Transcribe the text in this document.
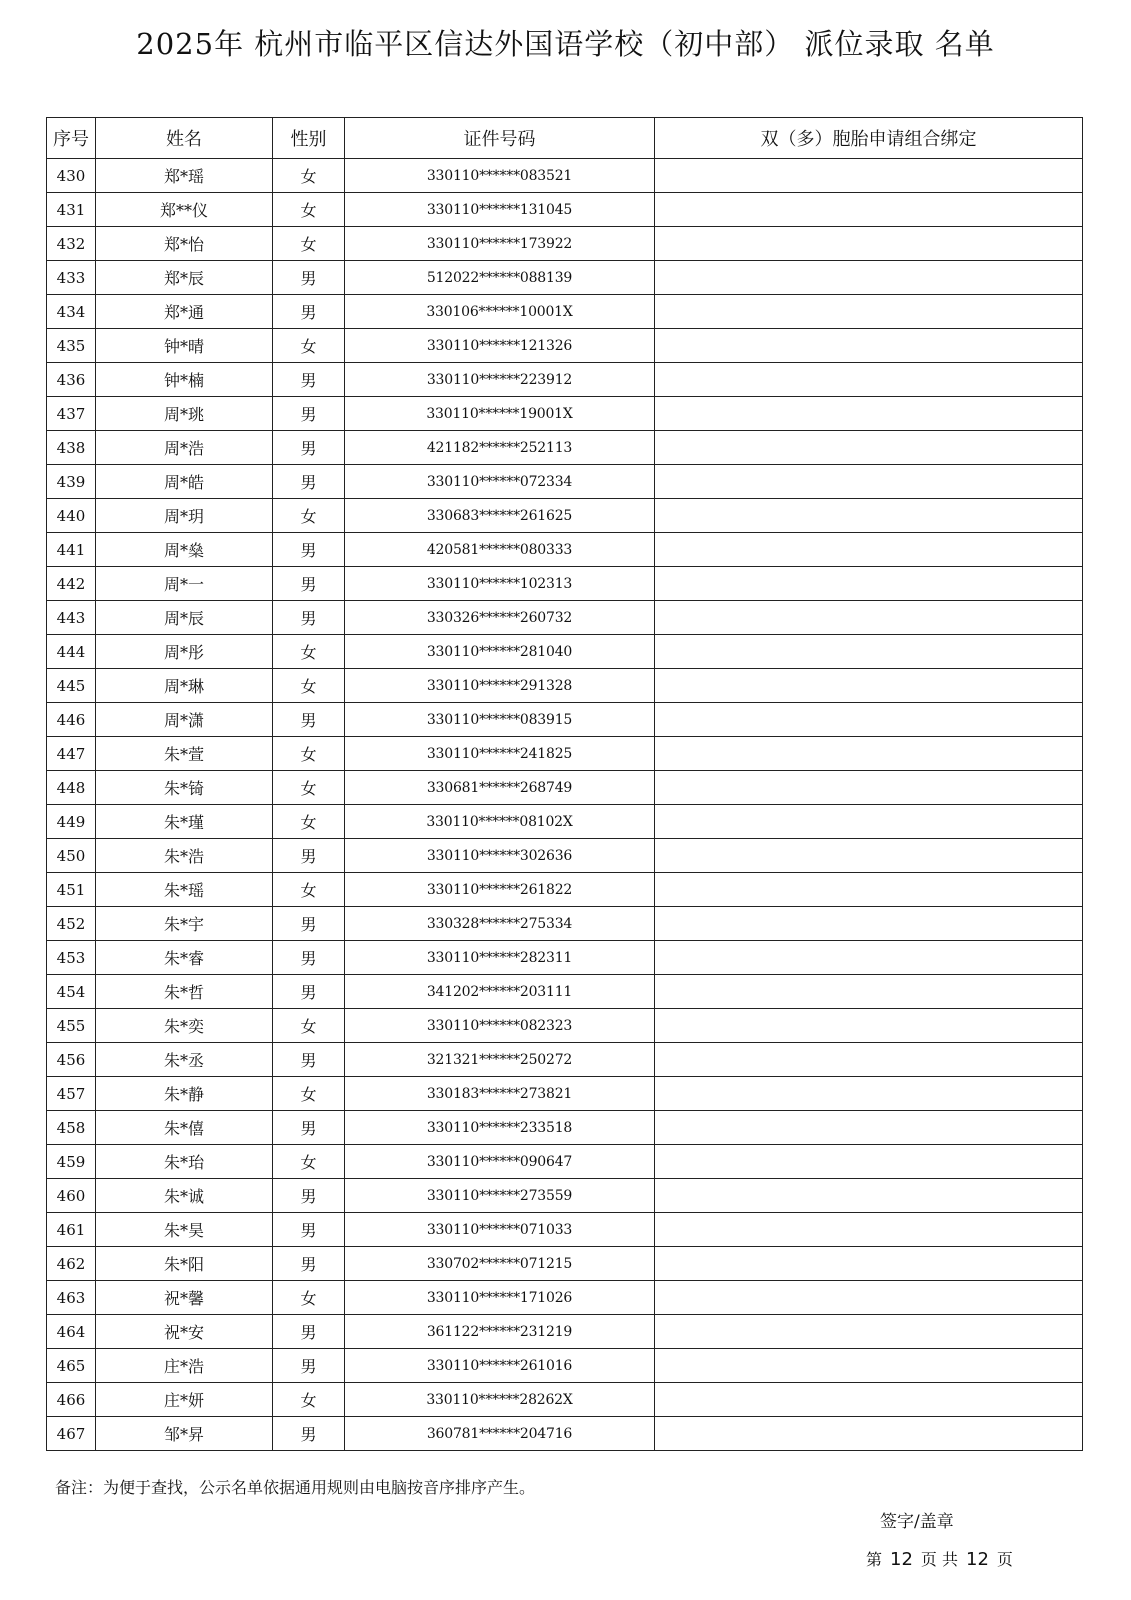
2025年 杭州市临平区信达外国语学校（初中部） 派位录取 名单
序号	姓名	性别	证件号码	双（多）胞胎申请组合绑定
430	郑*瑶	女	330110******083521	
431	郑**仪	女	330110******131045	
432	郑*怡	女	330110******173922	
433	郑*辰	男	512022******088139	
434	郑*通	男	330106******10001X	
435	钟*晴	女	330110******121326	
436	钟*楠	男	330110******223912	
437	周*珧	男	330110******19001X	
438	周*浩	男	421182******252113	
439	周*皓	男	330110******072334	
440	周*玥	女	330683******261625	
441	周*燊	男	420581******080333	
442	周*一	男	330110******102313	
443	周*辰	男	330326******260732	
444	周*彤	女	330110******281040	
445	周*琳	女	330110******291328	
446	周*潇	男	330110******083915	
447	朱*萱	女	330110******241825	
448	朱*锜	女	330681******268749	
449	朱*瑾	女	330110******08102X	
450	朱*浩	男	330110******302636	
451	朱*瑶	女	330110******261822	
452	朱*宇	男	330328******275334	
453	朱*睿	男	330110******282311	
454	朱*哲	男	341202******203111	
455	朱*奕	女	330110******082323	
456	朱*丞	男	321321******250272	
457	朱*静	女	330183******273821	
458	朱*僖	男	330110******233518	
459	朱*珆	女	330110******090647	
460	朱*诚	男	330110******273559	
461	朱*昊	男	330110******071033	
462	朱*阳	男	330702******071215	
463	祝*馨	女	330110******171026	
464	祝*安	男	361122******231219	
465	庄*浩	男	330110******261016	
466	庄*妍	女	330110******28262X	
467	邹*昇	男	360781******204716	
备注：为便于查找，公示名单依据通用规则由电脑按音序排序产生。
签字/盖章
第 12 页 共 12 页
